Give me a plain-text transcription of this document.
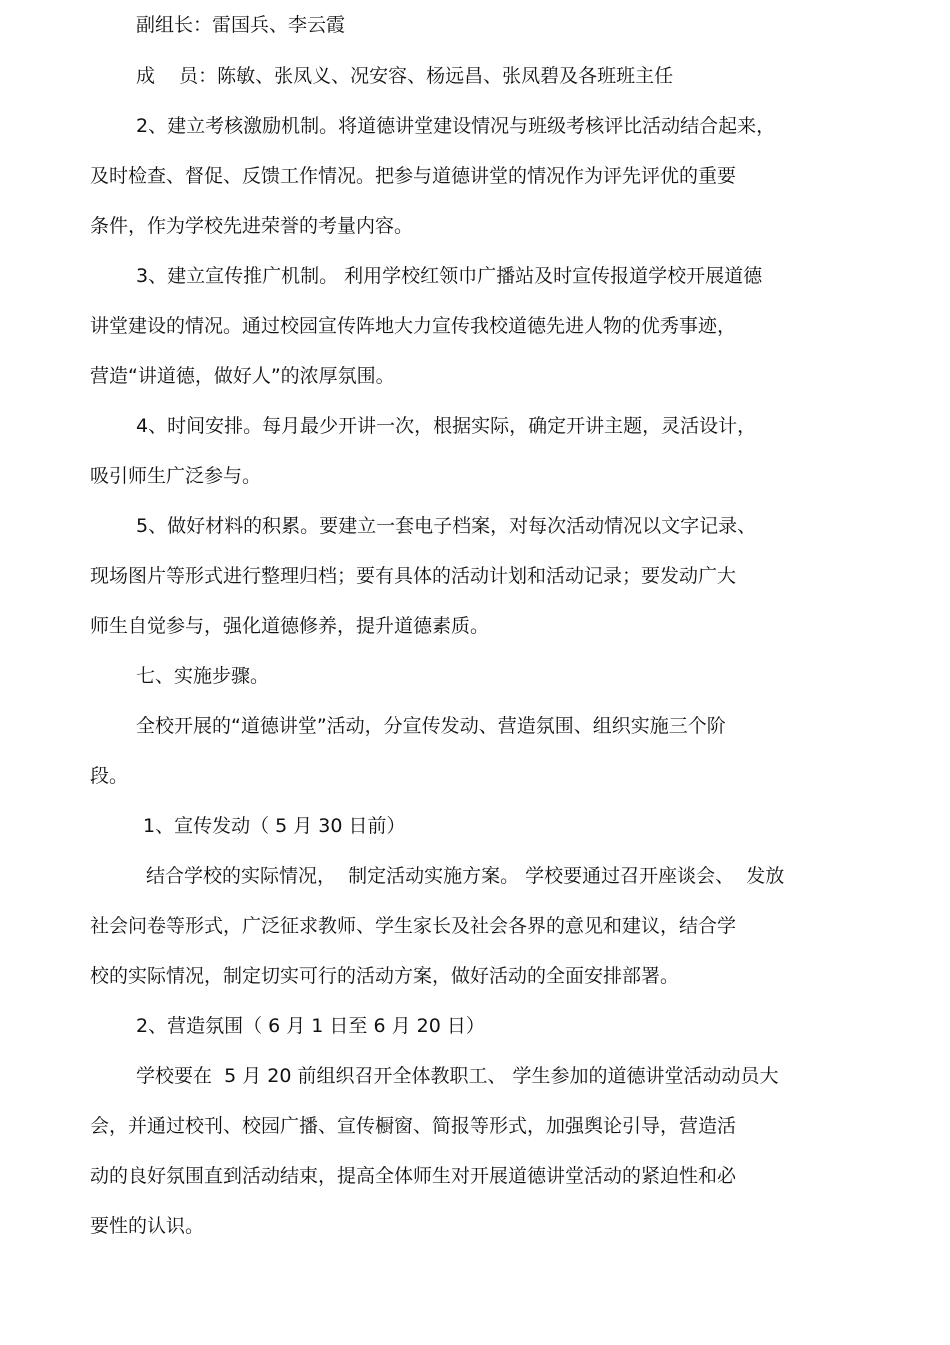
副组长：雷国兵、李云霞
成    员：陈敏、张凤义、况安容、杨远昌、张凤碧及各班班主任
2、建立考核激励机制。将道德讲堂建设情况与班级考核评比活动结合起来，
及时检查、督促、反馈工作情况。把参与道德讲堂的情况作为评先评优的重要
条件，作为学校先进荣誉的考量内容。
3、建立宣传推广机制。 利用学校红领巾广播站及时宣传报道学校开展道德
讲堂建设的情况。通过校园宣传阵地大力宣传我校道德先进人物的优秀事迹，
营造“讲道德，做好人”的浓厚氛围。
4、时间安排。每月最少开讲一次，根据实际，确定开讲主题，灵活设计，
吸引师生广泛参与。
5、做好材料的积累。要建立一套电子档案，对每次活动情况以文字记录、
现场图片等形式进行整理归档；要有具体的活动计划和活动记录；要发动广大
师生自觉参与，强化道德修养，提升道德素质。
七、实施步骤。
全校开展的“道德讲堂”活动，分宣传发动、营造氛围、组织实施三个阶
段。
1、宣传发动（ 5 月 30 日前）
结合学校的实际情况，  制定活动实施方案。 学校要通过召开座谈会、  发放
社会问卷等形式，广泛征求教师、学生家长及社会各界的意见和建议，结合学
校的实际情况，制定切实可行的活动方案，做好活动的全面安排部署。
2、营造氛围（ 6 月 1 日至 6 月 20 日）
学校要在  5 月 20 前组织召开全体教职工、 学生参加的道德讲堂活动动员大
会，并通过校刊、校园广播、宣传橱窗、简报等形式，加强舆论引导，营造活
动的良好氛围直到活动结束，提高全体师生对开展道德讲堂活动的紧迫性和必
要性的认识。
